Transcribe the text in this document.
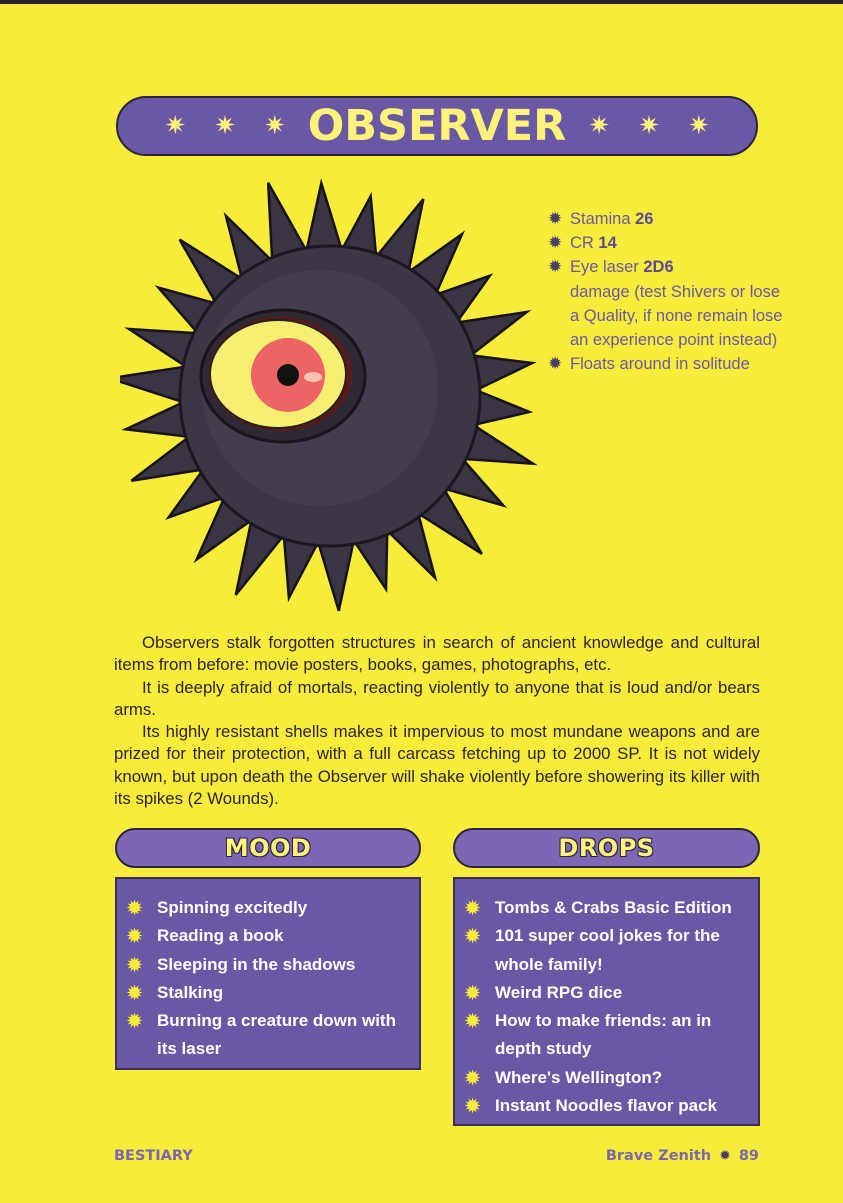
✷ ✷ ✷ OBSERVER ✷ ✷ ✷
✹ Stamina 26
✹ CR 14
✹ Eye laser 2D6
damage (test Shivers or lose a Quality, if none remain lose an experience point instead)
✹ Floats around in solitude

Observers stalk forgotten structures in search of ancient knowledge and cultural items from before: movie posters, books, games, photographs, etc.

It is deeply afraid of mortals, reacting violently to anyone that is loud and/or bears arms.

Its highly resistant shells makes it impervious to most mundane weapons and are prized for their protection, with a full carcass fetching up to 2000 SP. It is not widely known, but upon death the Observer will shake violently before showering its killer with its spikes (2 Wounds).

MOOD
✹ Spinning excitedly
✹ Reading a book
✹ Sleeping in the shadows
✹ Stalking
✹ Burning a creature down with its laser
DROPS
✹ Tombs & Crabs Basic Edition
✹ 101 super cool jokes for the whole family!
✹ Weird RPG dice
✹ How to make friends: an in depth study
✹ Where's Wellington?
✹ Instant Noodles flavor pack
BESTIARY	Brave Zenith ✹ 89
